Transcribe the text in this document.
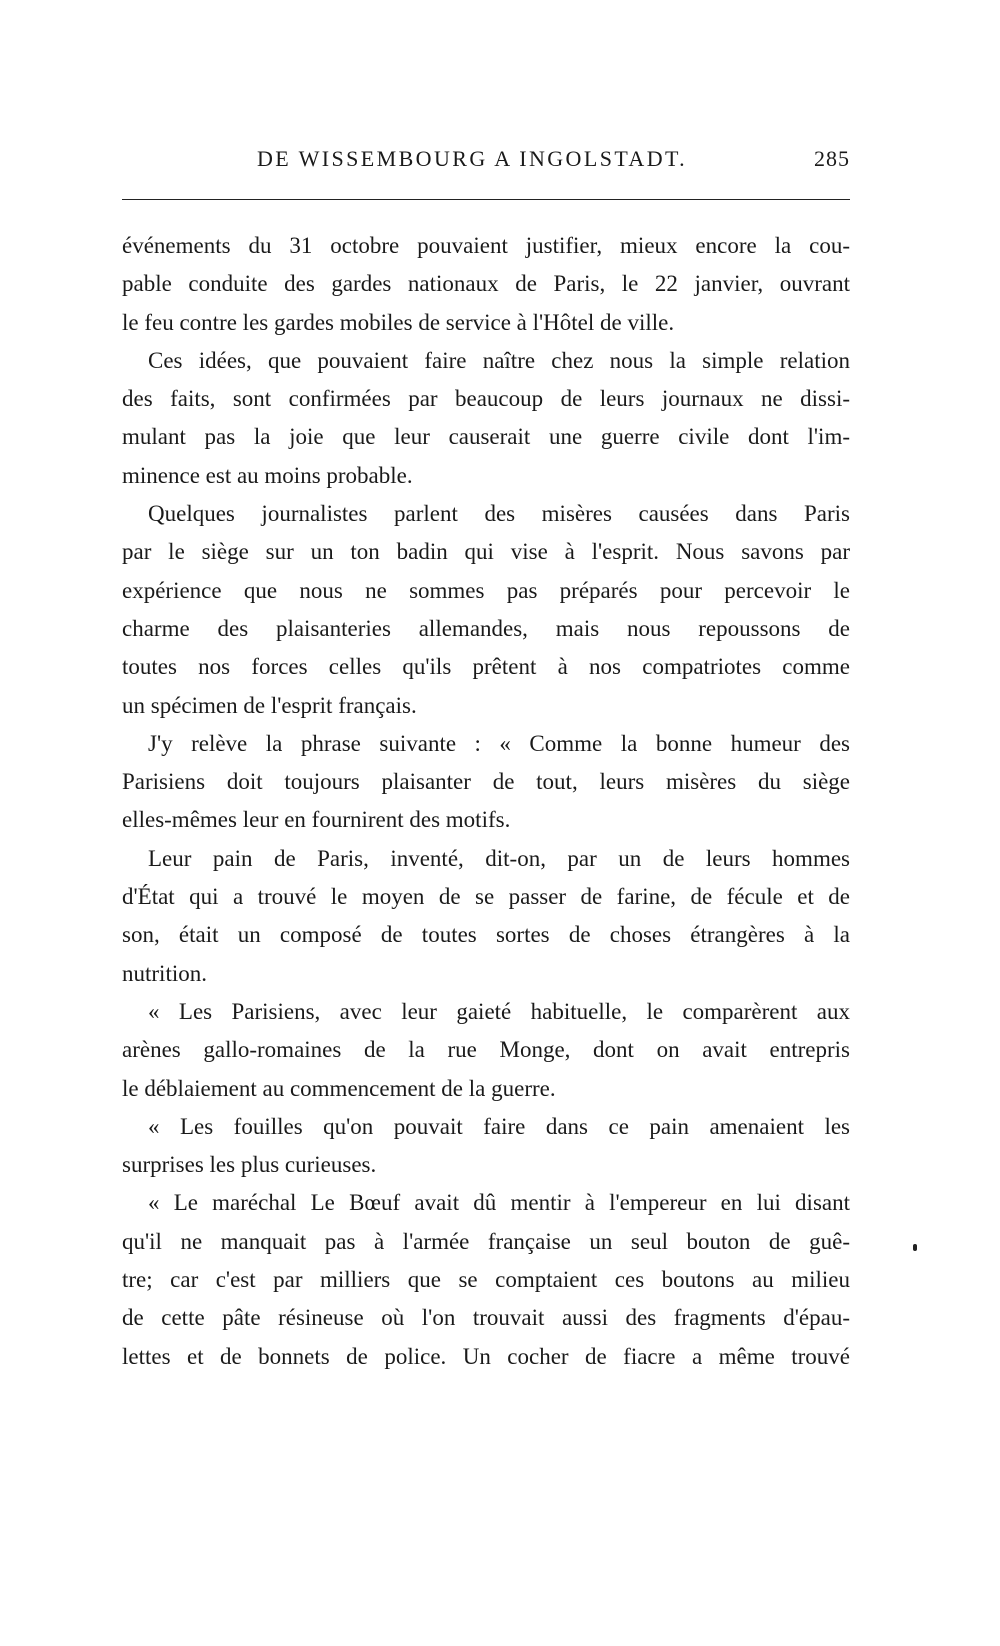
DE WISSEMBOURG A INGOLSTADT.	285
événements du 31 octobre pouvaient justifier, mieux encore la cou-
pable conduite des gardes nationaux de Paris, le 22 janvier, ouvrant
le feu contre les gardes mobiles de service à l'Hôtel de ville.
Ces idées, que pouvaient faire naître chez nous la simple relation
des faits, sont confirmées par beaucoup de leurs journaux ne dissi-
mulant pas la joie que leur causerait une guerre civile dont l'im-
minence est au moins probable.
Quelques journalistes parlent des misères causées dans Paris
par le siège sur un ton badin qui vise à l'esprit. Nous savons par
expérience que nous ne sommes pas préparés pour percevoir le
charme des plaisanteries allemandes, mais nous repoussons de
toutes nos forces celles qu'ils prêtent à nos compatriotes comme
un spécimen de l'esprit français.
J'y relève la phrase suivante : « Comme la bonne humeur des
Parisiens doit toujours plaisanter de tout, leurs misères du siège
elles-mêmes leur en fournirent des motifs.
Leur pain de Paris, inventé, dit-on, par un de leurs hommes
d'État qui a trouvé le moyen de se passer de farine, de fécule et de
son, était un composé de toutes sortes de choses étrangères à la
nutrition.
« Les Parisiens, avec leur gaieté habituelle, le comparèrent aux
arènes gallo-romaines de la rue Monge, dont on avait entrepris
le déblaiement au commencement de la guerre.
« Les fouilles qu'on pouvait faire dans ce pain amenaient les
surprises les plus curieuses.
« Le maréchal Le Bœuf avait dû mentir à l'empereur en lui disant
qu'il ne manquait pas à l'armée française un seul bouton de guê-
tre; car c'est par milliers que se comptaient ces boutons au milieu
de cette pâte résineuse où l'on trouvait aussi des fragments d'épau-
lettes et de bonnets de police. Un cocher de fiacre a même trouvé
